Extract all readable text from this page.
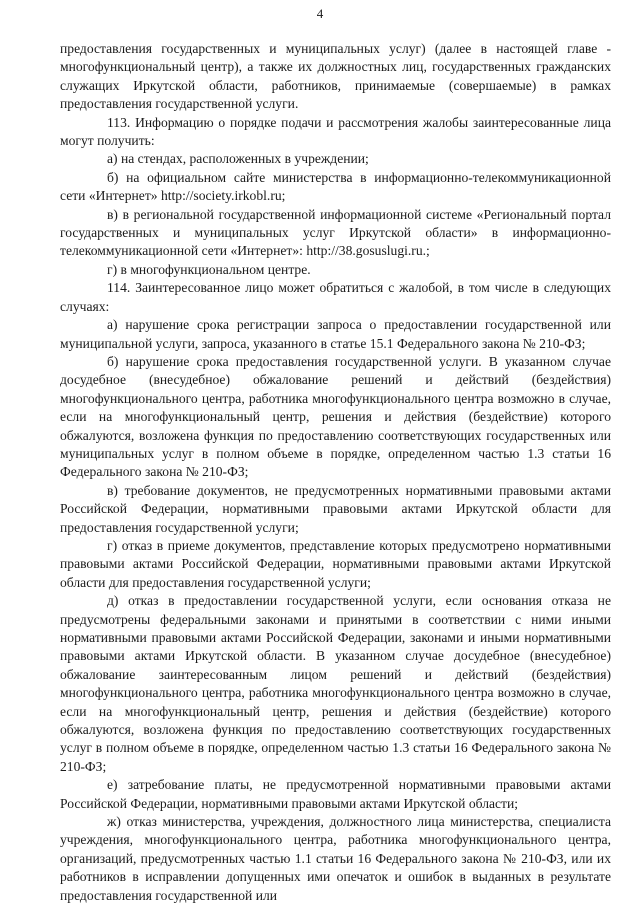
4

предоставления государственных и муниципальных услуг) (далее в настоящей главе - многофункциональный центр), а также их должностных лиц, государственных гражданских служащих Иркутской области, работников, принимаемые (совершаемые) в рамках предоставления государственной услуги.

113. Информацию о порядке подачи и рассмотрения жалобы заинтересованные лица могут получить:

а) на стендах, расположенных в учреждении;

б) на официальном сайте министерства в информационно-телекоммуникационной сети «Интернет» http://society.irkobl.ru;

в) в региональной государственной информационной системе «Региональный портал государственных и муниципальных услуг Иркутской области» в информационно-телекоммуникационной сети «Интернет»: http://38.gosuslugi.ru.;

г) в многофункциональном центре.

114. Заинтересованное лицо может обратиться с жалобой, в том числе в следующих случаях:

а) нарушение срока регистрации запроса о предоставлении государственной или муниципальной услуги, запроса, указанного в статье 15.1 Федерального закона № 210-ФЗ;

б) нарушение срока предоставления государственной услуги. В указанном случае досудебное (внесудебное) обжалование решений и действий (бездействия) многофункционального центра, работника многофункционального центра возможно в случае, если на многофункциональный центр, решения и действия (бездействие) которого обжалуются, возложена функция по предоставлению соответствующих государственных или муниципальных услуг в полном объеме в порядке, определенном частью 1.3 статьи 16 Федерального закона № 210-ФЗ;

в) требование документов, не предусмотренных нормативными правовыми актами Российской Федерации, нормативными правовыми актами Иркутской области для предоставления государственной услуги;

г) отказ в приеме документов, представление которых предусмотрено нормативными правовыми актами Российской Федерации, нормативными правовыми актами Иркутской области для предоставления государственной услуги;

д) отказ в предоставлении государственной услуги, если основания отказа не предусмотрены федеральными законами и принятыми в соответствии с ними иными нормативными правовыми актами Российской Федерации, законами и иными нормативными правовыми актами Иркутской области. В указанном случае досудебное (внесудебное) обжалование заинтересованным лицом решений и действий (бездействия) многофункционального центра, работника многофункционального центра возможно в случае, если на многофункциональный центр, решения и действия (бездействие) которого обжалуются, возложена функция по предоставлению соответствующих государственных услуг в полном объеме в порядке, определенном частью 1.3 статьи 16 Федерального закона № 210-ФЗ;

е) затребование платы, не предусмотренной нормативными правовыми актами Российской Федерации, нормативными правовыми актами Иркутской области;

ж) отказ министерства, учреждения, должностного лица министерства, специалиста учреждения, многофункционального центра, работника многофункционального центра, организаций, предусмотренных частью 1.1 статьи 16 Федерального закона № 210-ФЗ, или их работников в исправлении допущенных ими опечаток и ошибок в выданных в результате предоставления государственной или
